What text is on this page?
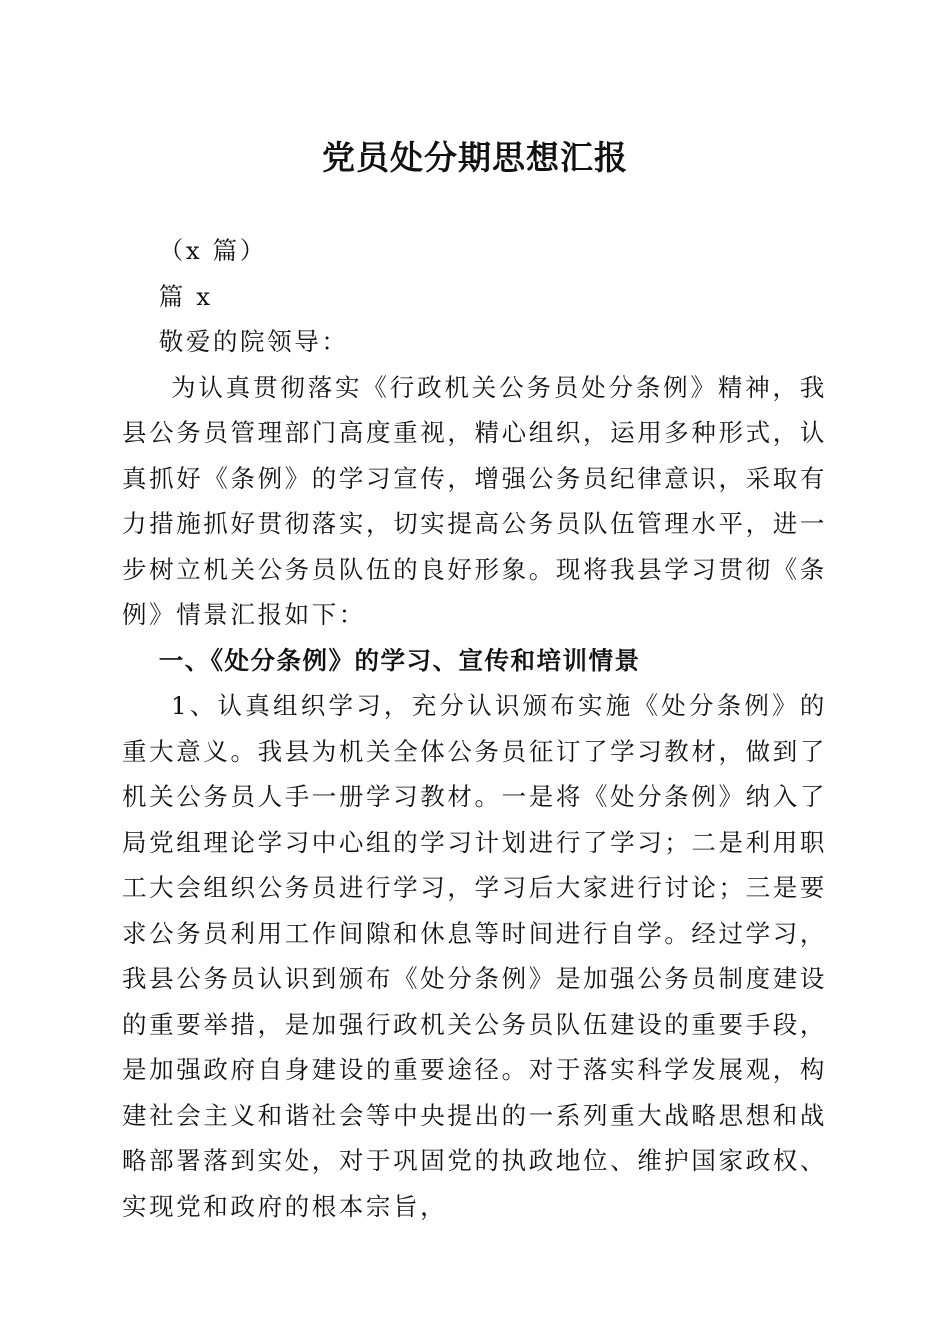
党员处分期思想汇报

（x 篇）

篇 x

敬爱的院领导：

为认真贯彻落实《行政机关公务员处分条例》精神，我县公务员管理部门高度重视，精心组织，运用多种形式，认真抓好《条例》的学习宣传，增强公务员纪律意识，采取有力措施抓好贯彻落实，切实提高公务员队伍管理水平，进一步树立机关公务员队伍的良好形象。现将我县学习贯彻《条例》情景汇报如下：

一、《处分条例》的学习、宣传和培训情景

1、认真组织学习，充分认识颁布实施《处分条例》的重大意义。我县为机关全体公务员征订了学习教材，做到了机关公务员人手一册学习教材。一是将《处分条例》纳入了局党组理论学习中心组的学习计划进行了学习；二是利用职工大会组织公务员进行学习，学习后大家进行讨论；三是要求公务员利用工作间隙和休息等时间进行自学。经过学习，我县公务员认识到颁布《处分条例》是加强公务员制度建设的重要举措，是加强行政机关公务员队伍建设的重要手段，是加强政府自身建设的重要途径。对于落实科学发展观，构建社会主义和谐社会等中央提出的一系列重大战略思想和战略部署落到实处，对于巩固党的执政地位、维护国家政权、实现党和政府的根本宗旨，
